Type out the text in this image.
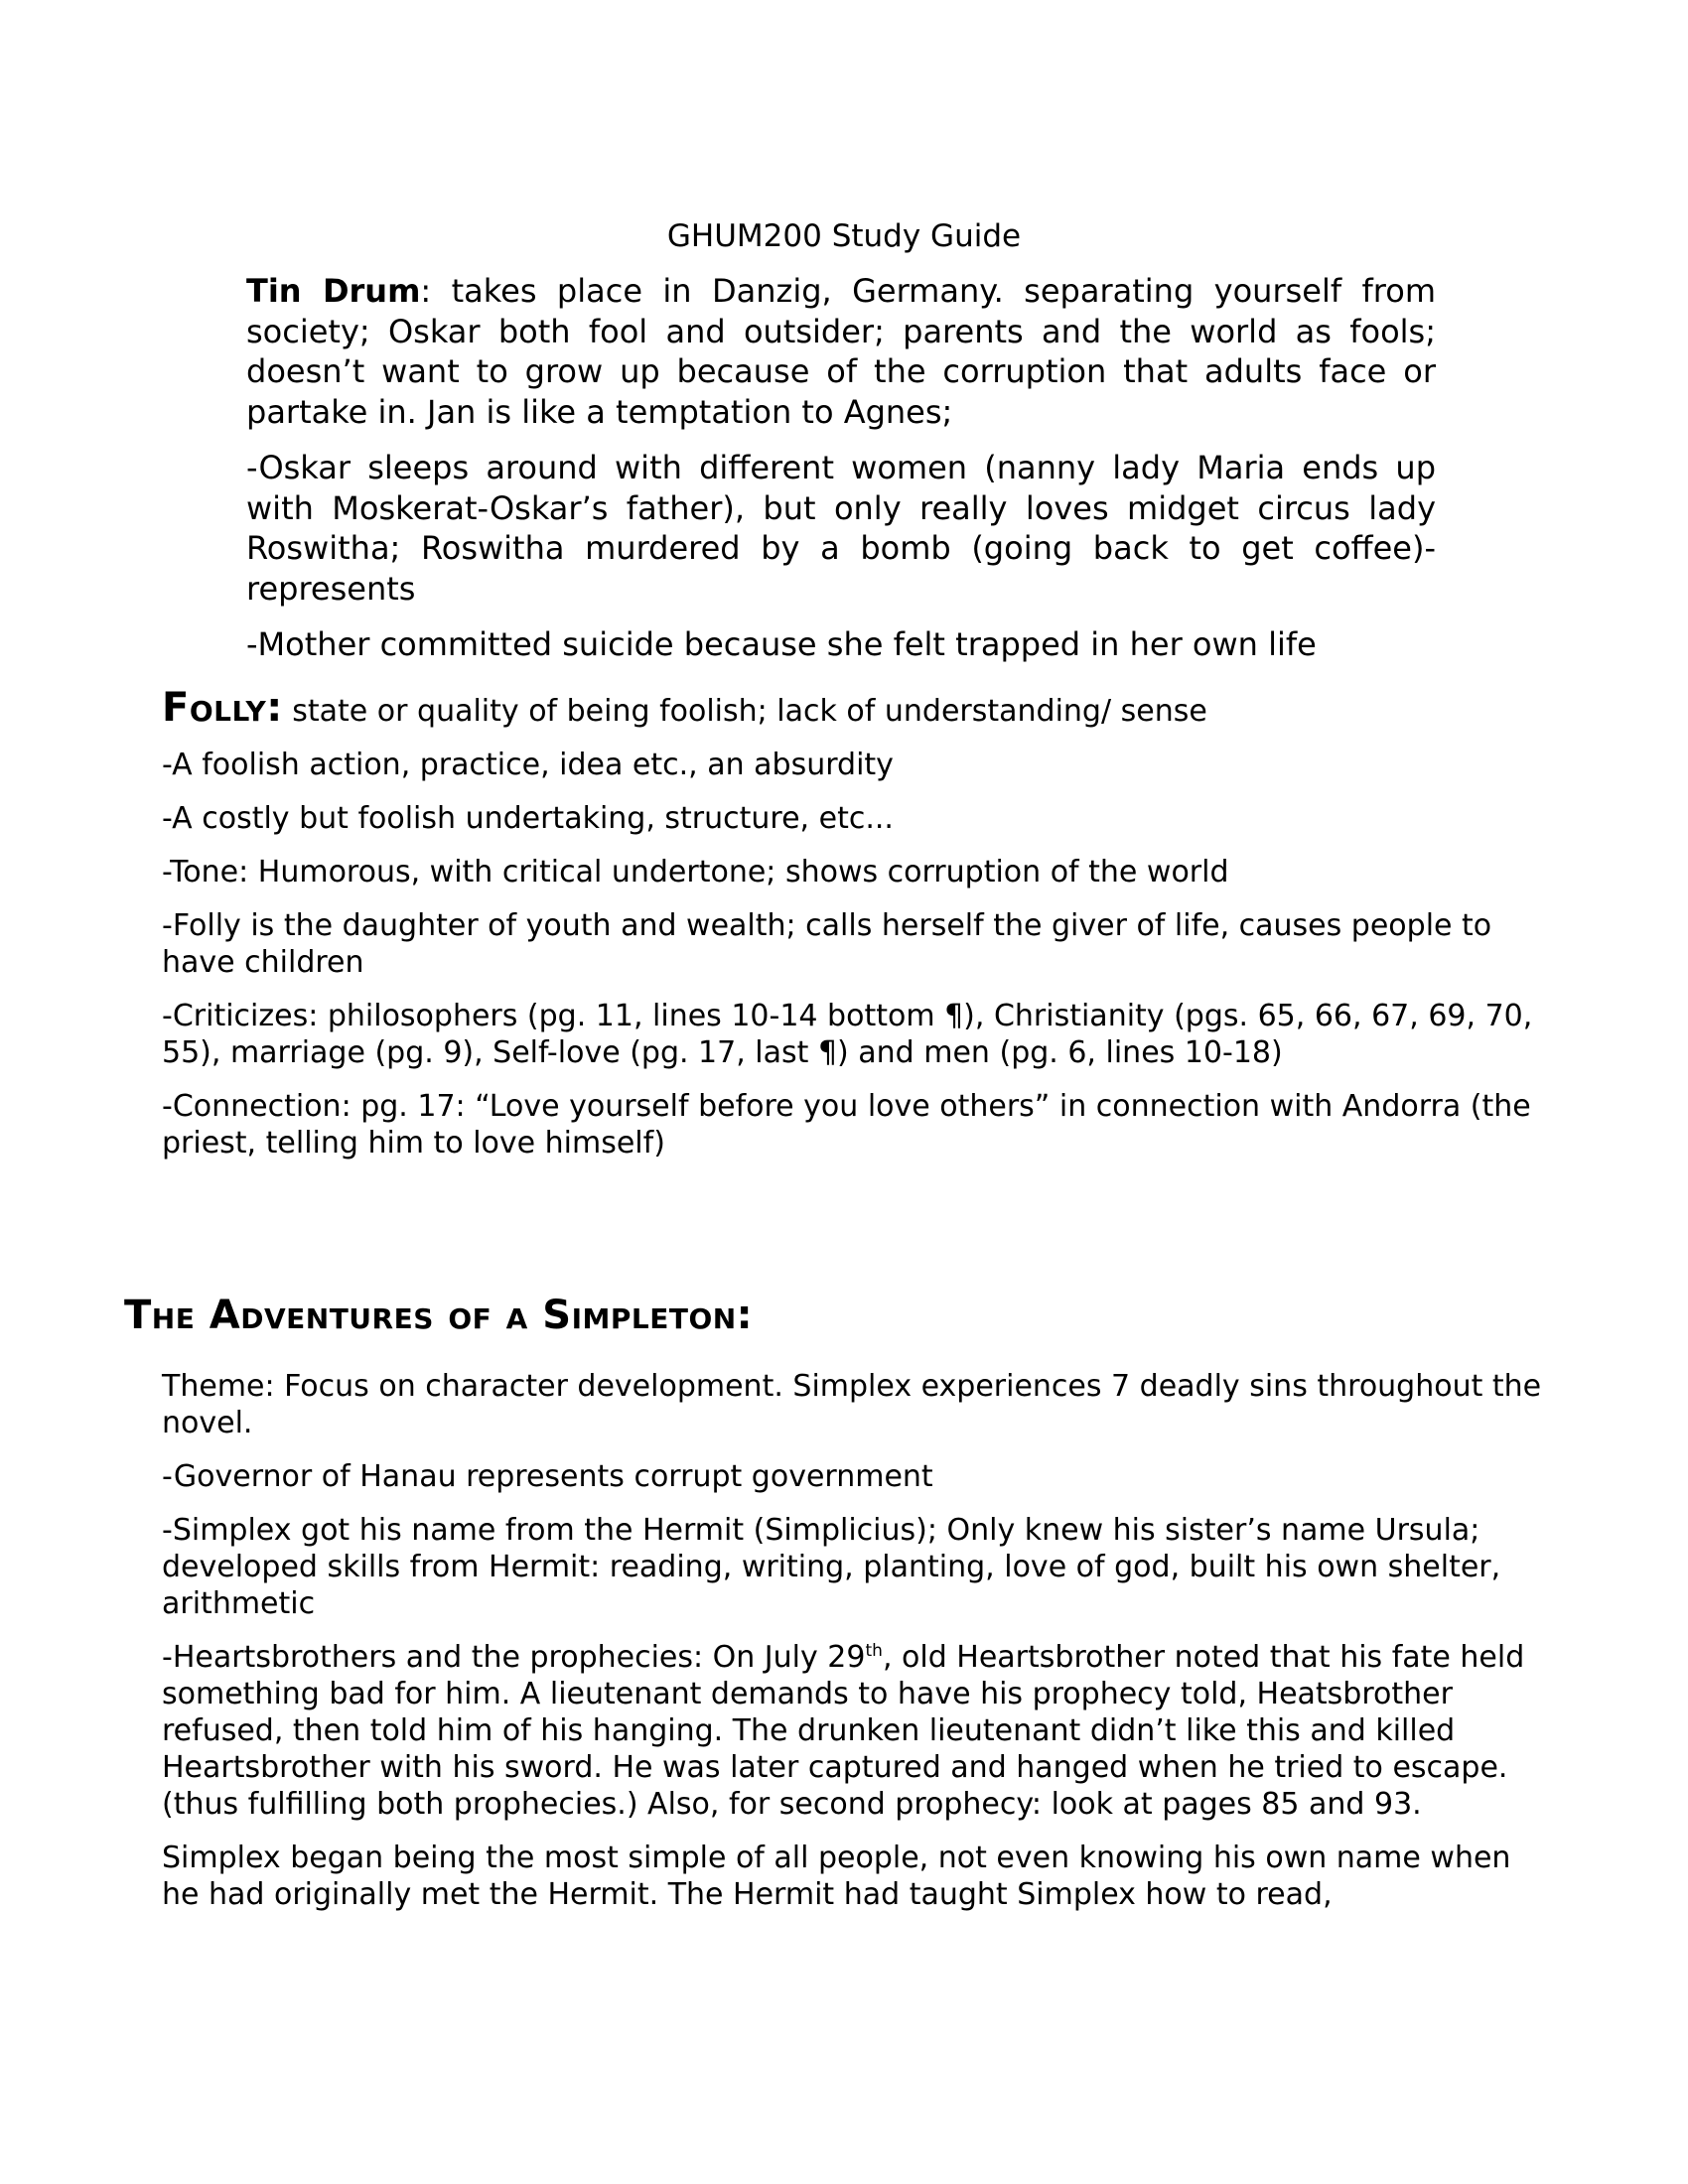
GHUM200 Study Guide

Tin Drum: takes place in Danzig, Germany. separating yourself from society; Oskar both fool and outsider; parents and the world as fools; doesn’t want to grow up because of the corruption that adults face or partake in. Jan is like a temptation to Agnes;

-Oskar sleeps around with different women (nanny lady Maria ends up with Moskerat-Oskar’s father), but only really loves midget circus lady Roswitha; Roswitha murdered by a bomb (going back to get coffee)-represents

-Mother committed suicide because she felt trapped in her own life

Folly: state or quality of being foolish; lack of understanding/ sense

-A foolish action, practice, idea etc., an absurdity

-A costly but foolish undertaking, structure, etc...

-Tone: Humorous, with critical undertone; shows corruption of the world

-Folly is the daughter of youth and wealth; calls herself the giver of life, causes people to have children

-Criticizes: philosophers (pg. 11, lines 10-14 bottom ¶), Christianity (pgs. 65, 66, 67, 69, 70, 55), marriage (pg. 9), Self-love (pg. 17, last ¶) and men (pg. 6, lines 10-18)

-Connection: pg. 17: “Love yourself before you love others” in connection with Andorra (the priest, telling him to love himself)

The Adventures of a Simpleton:

Theme: Focus on character development. Simplex experiences 7 deadly sins throughout the novel.

-Governor of Hanau represents corrupt government

-Simplex got his name from the Hermit (Simplicius); Only knew his sister’s name Ursula; developed skills from Hermit: reading, writing, planting, love of god, built his own shelter, arithmetic

-Heartsbrothers and the prophecies: On July 29th, old Heartsbrother noted that his fate held something bad for him. A lieutenant demands to have his prophecy told, Heatsbrother refused, then told him of his hanging. The drunken lieutenant didn’t like this and killed Heartsbrother with his sword. He was later captured and hanged when he tried to escape. (thus fulfilling both prophecies.) Also, for second prophecy: look at pages 85 and 93.

Simplex began being the most simple of all people, not even knowing his own name when he had originally met the Hermit. The Hermit had taught Simplex how to read,
